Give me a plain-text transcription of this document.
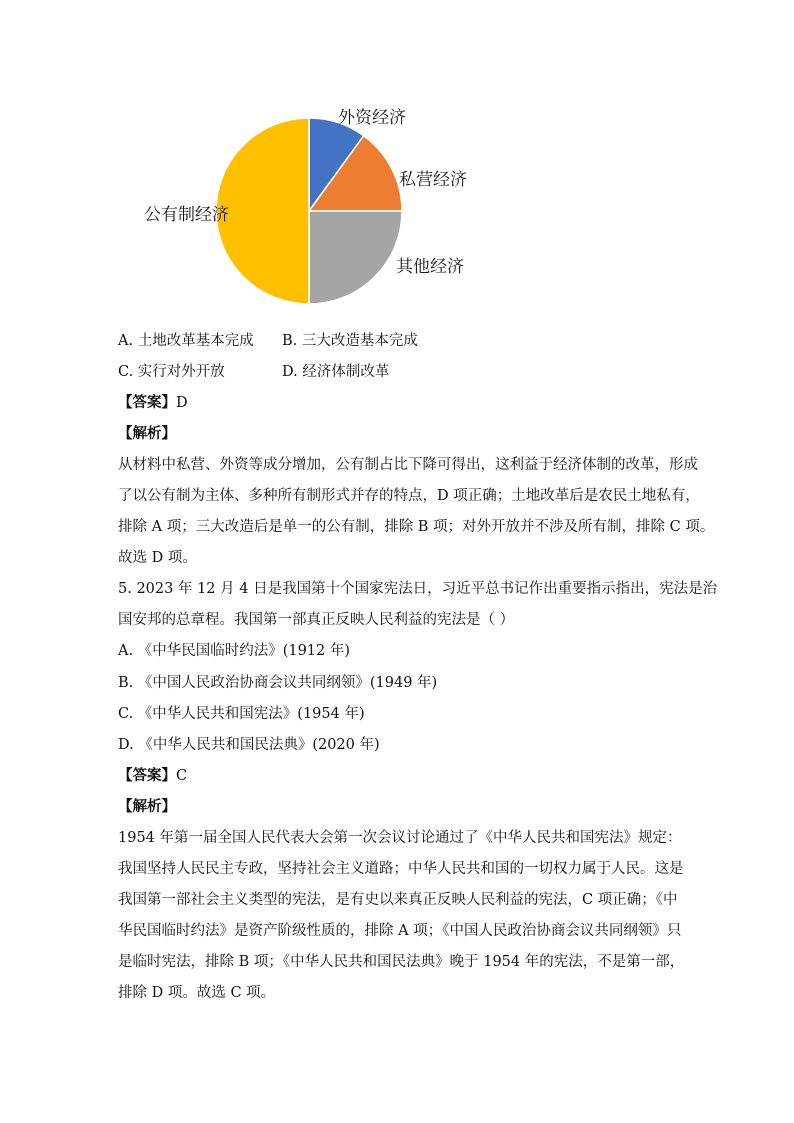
外资经济
私营经济
其他经济
公有制经济
A. 土地改革基本完成 B. 三大改造基本完成
C. 实行对外开放	D. 经济体制改革
【答案】D
【解析】
从材料中私营、外资等成分增加，公有制占比下降可得出，这利益于经济体制的改革，形成
了以公有制为主体、多种所有制形式并存的特点，D 项正确；土地改革后是农民土地私有，
排除 A 项；三大改造后是单一的公有制，排除 B 项；对外开放并不涉及所有制，排除 C 项。
故选 D 项。
5. 2023 年 12 月 4 日是我国第十个国家宪法日，习近平总书记作出重要指示指出，宪法是治
国安邦的总章程。我国第一部真正反映人民利益的宪法是（ ）
A. 《中华民国临时约法》(1912 年)
B. 《中国人民政治协商会议共同纲领》(1949 年)
C. 《中华人民共和国宪法》(1954 年)
D. 《中华人民共和国民法典》(2020 年)
【答案】C
【解析】
1954 年第一届全国人民代表大会第一次会议讨论通过了《中华人民共和国宪法》规定：
我国坚持人民民主专政，坚持社会主义道路；中华人民共和国的一切权力属于人民。这是
我国第一部社会主义类型的宪法，是有史以来真正反映人民利益的宪法，C 项正确；《中
华民国临时约法》是资产阶级性质的，排除 A 项；《中国人民政治协商会议共同纲领》只
是临时宪法，排除 B 项；《中华人民共和国民法典》晚于 1954 年的宪法，不是第一部，
排除 D 项。故选 C 项。
